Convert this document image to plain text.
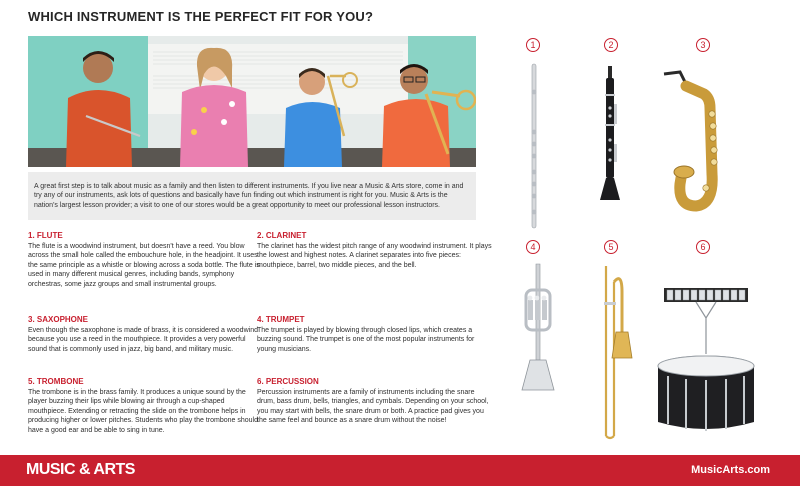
WHICH INSTRUMENT IS THE PERFECT FIT FOR YOU?
A great first step is to talk about music as a family and then listen to different instruments. If you live near a Music & Arts store, come in and try any of our instruments, ask lots of questions and basically have fun finding out which instrument is right for you. Music & Arts is the nation's largest lesson provider; a visit to one of our stores would be a great opportunity to meet our professional lesson instructors.
1. FLUTE
The flute is a woodwind instrument, but doesn't have a reed. You blow across the small hole called the embouchure hole, in the headjoint. It uses the same principle as a whistle or blowing across a soda bottle. The flute is used in many different musical genres, including bands, symphony orchestras, some jazz groups and small instrumental groups.
2. CLARINET
The clarinet has the widest pitch range of any woodwind instrument. It plays the lowest and highest notes. A clarinet separates into five pieces: mouthpiece, barrel, two middle pieces, and the bell.
3. SAXOPHONE
Even though the saxophone is made of brass, it is considered a woodwind because you use a reed in the mouthpiece. It provides a very powerful sound that is commonly used in jazz, big band, and military music.
4. TRUMPET
The trumpet is played by blowing through closed lips, which creates a buzzing sound. The trumpet is one of the most popular instruments for young musicians.
5. TROMBONE
The trombone is in the brass family. It produces a unique sound by the player buzzing their lips while blowing air through a cup-shaped mouthpiece. Extending or retracting the slide on the trombone helps in producing higher or lower pitches. Students who play the trombone should have a good ear and be able to sing in tune.
6. PERCUSSION
Percussion instruments are a family of instruments including the snare drum, bass drum, bells, triangles, and cymbals. Depending on your school, you may start with bells, the snare drum or both. A practice pad gives you the same feel and bounce as a snare drum without the noise!
1	2	3
4	5	6
MUSIC & ARTS	MusicArts.com
